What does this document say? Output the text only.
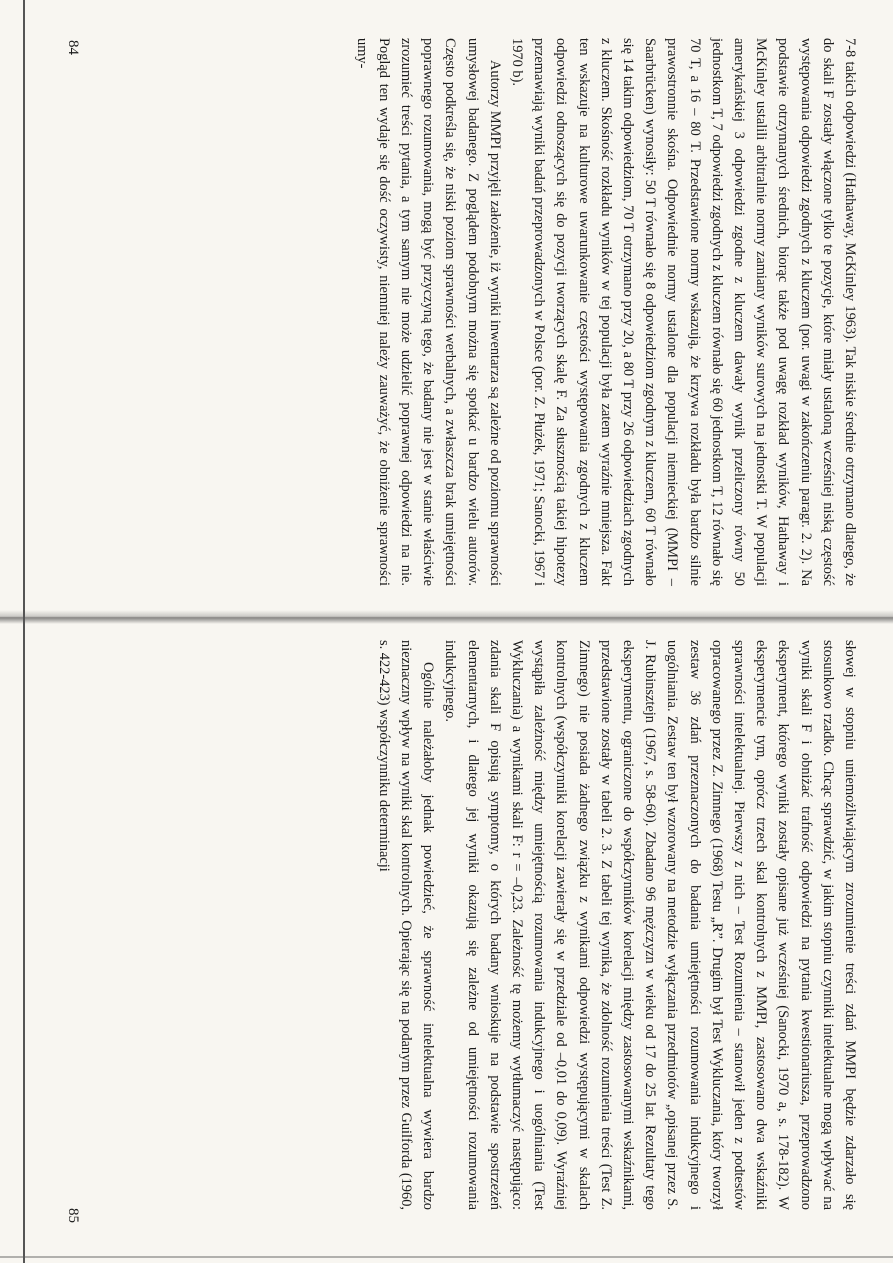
7-8 takich odpowiedzi (Hathaway, McKinley 1963). Tak niskie średnie otrzymano dlatego, że do skali F zostały włączone tylko te pozycje, które miały ustaloną wcześniej niską częstość występowania odpowiedzi zgodnych z kluczem (por. uwagi w zakończeniu paragr. 2. 2). Na podstawie otrzymanych średnich, biorąc także pod uwagę rozkład wyników, Hathaway i McKinley ustalili arbitralnie normy zamiany wyników surowych na jednostki T. W populacji amerykańskiej 3 odpowiedzi zgodne z kluczem dawały wynik przeliczony równy 50 jednostkom T, 7 odpowiedzi zgodnych z kluczem równało się 60 jednostkom T, 12 równało się 70 T, a 16 – 80 T. Przedstawione normy wskazują, że krzywa rozkładu była bardzo silnie prawostronnie skośna. Odpowiednie normy ustalone dla populacji niemieckiej (MMPI – Saarbrücken) wynosiły: 50 T równało się 8 odpowiedziom zgodnym z kluczem, 60 T równało się 14 takim odpowiedziom, 70 T otrzymano przy 20, a 80 T przy 26 odpowiedziach zgodnych z kluczem. Skośność rozkładu wyników w tej populacji była zatem wyraźnie mniejsza. Fakt ten wskazuje na kulturowe uwarunkowanie częstości występowania zgodnych z kluczem odpowiedzi odnoszących się do pozycji tworzących skalę F. Za słusznością takiej hipotezy przemawiają wyniki badań przeprowadzonych w Polsce (por. Z. Płużek, 1971; Sanocki, 1967 i 1970 b).

Autorzy MMPI przyjęli założenie, iż wyniki inwentarza są zależne od poziomu sprawności umysłowej badanego. Z poglądem podobnym można się spotkać u bardzo wielu autorów. Często podkreśla się, że niski poziom sprawności werbalnych, a zwłaszcza brak umiejętności poprawnego rozumowania, mogą być przyczyną tego, że badany nie jest w stanie właściwie zrozumieć treści pytania, a tym samym nie może udzielić poprawnej odpowiedzi na nie. Pogląd ten wydaje się dość oczywisty, niemniej należy zauważyć, że obniżenie sprawności umy-

słowej w stopniu uniemożliwiającym zrozumienie treści zdań MMPI będzie zdarzało się stosunkowo rzadko. Chcąc sprawdzić, w jakim stopniu czynniki intelektualne mogą wpływać na wyniki skali F i obniżać trafność odpowiedzi na pytania kwestionariusza, przeprowadzono eksperyment, którego wyniki zostały opisane już wcześniej (Sanocki, 1970 a, s. 178-182). W eksperymencie tym, oprócz trzech skal kontrolnych z MMPI, zastosowano dwa wskaźniki sprawności intelektualnej. Pierwszy z nich – Test Rozumienia – stanowił jeden z podtestów opracowanego przez Z. Zimnego (1968) Testu „R”. Drugim był Test Wykluczania, który tworzył zestaw 36 zdań przeznaczonych do badania umiejętności rozumowania indukcyjnego i uogólniania. Zestaw ten był wzorowany na metodzie wyłączania przedmiotów „opisanej przez S. J. Rubinsztejn (1967, s. 58-60). Zbadano 96 mężczyzn w wieku od 17 do 25 lat. Rezultaty tego eksperymentu, ograniczone do współczynników korelacji między zastosowanymi wskaźnikami, przedstawione zostały w tabeli 2. 3. Z tabeli tej wynika, że zdolność rozumienia treści (Test Z. Zimnego) nie posiada żadnego związku z wynikami odpowiedzi występującymi w skalach kontrolnych (współczynniki korelacji zawierały się w przedziale od –0,01 do 0,09). Wyraźniej wystąpiła zależność między umiejętnością rozumowania indukcyjnego i uogólniania (Test Wykluczania) a wynikami skali F: r = –0,23. Zależność tę możemy wytłumaczyć następująco: zdania skali F opisują symptomy, o których badany wnioskuje na podstawie spostrzeżeń elementarnych, i dlatego jej wyniki okazują się zależne od umiejętności rozumowania indukcyjnego.

Ogólnie należałoby jednak powiedzieć, że sprawność intelektualna wywiera bardzo nieznaczny wpływ na wyniki skal kontrolnych. Opierając się na podanym przez Guilforda (1960, s. 422-423) współczynniku determinacji

84
85
